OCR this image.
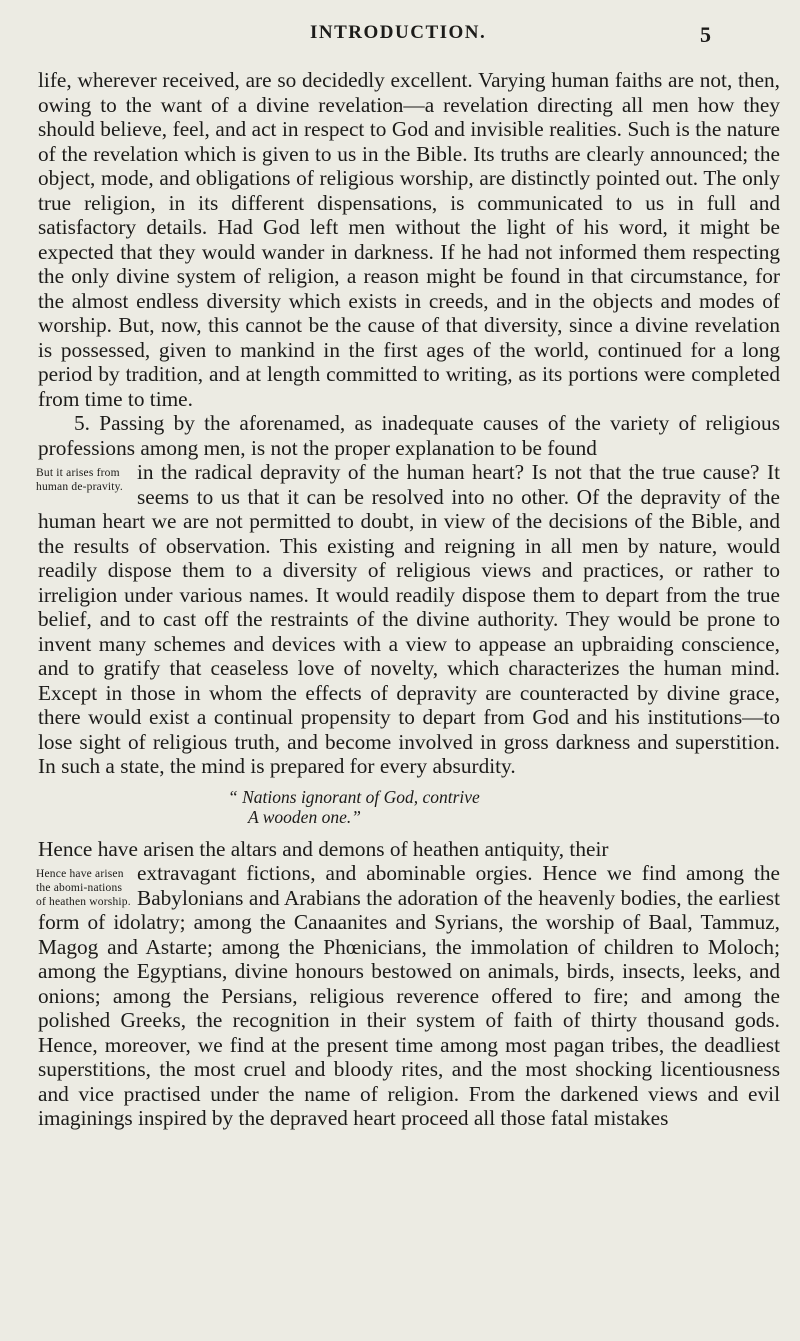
INTRODUCTION.	5

life, wherever received, are so decidedly excellent. Varying human faiths are not, then, owing to the want of a divine revelation—a revelation directing all men how they should believe, feel, and act in respect to God and invisible realities. Such is the nature of the revelation which is given to us in the Bible. Its truths are clearly announced; the object, mode, and obligations of religious worship, are distinctly pointed out. The only true religion, in its different dispensations, is communicated to us in full and satisfactory details. Had God left men without the light of his word, it might be expected that they would wander in darkness. If he had not informed them respecting the only divine system of religion, a reason might be found in that circumstance, for the almost endless diversity which exists in creeds, and in the objects and modes of worship. But, now, this cannot be the cause of that diversity, since a divine revelation is possessed, given to mankind in the first ages of the world, continued for a long period by tradition, and at length committed to writing, as its portions were completed from time to time.

5. Passing by the aforenamed, as inadequate causes of the variety of religious professions among men, is not the proper explanation to be found

But it arises from human de-pravity.

in the radical depravity of the human heart? Is not that the true cause? It seems to us that it can be resolved into no other. Of the depravity of the human heart we are not permitted to doubt, in view of the decisions of the Bible, and the results of observation. This existing and reigning in all men by nature, would readily dispose them to a diversity of religious views and practices, or rather to irreligion under various names. It would readily dispose them to depart from the true belief, and to cast off the restraints of the divine authority. They would be prone to invent many schemes and devices with a view to appease an upbraiding conscience, and to gratify that ceaseless love of novelty, which characterizes the human mind. Except in those in whom the effects of depravity are counteracted by divine grace, there would exist a continual propensity to depart from God and his institutions—to lose sight of religious truth, and become involved in gross darkness and superstition. In such a state, the mind is prepared for every absurdity.

“ Nations ignorant of God, contrive
A wooden one.”

Hence have arisen the altars and demons of heathen antiquity, their

Hence have arisen the abomi-nations of heathen worship.

extravagant fictions, and abominable orgies. Hence we find among the Babylonians and Arabians the adoration of the heavenly bodies, the earliest form of idolatry; among the Canaanites and Syrians, the worship of Baal, Tammuz, Magog and Astarte; among the Phœnicians, the immolation of children to Moloch; among the Egyptians, divine honours bestowed on animals, birds, insects, leeks, and onions; among the Persians, religious reverence offered to fire; and among the polished Greeks, the recognition in their system of faith of thirty thousand gods. Hence, moreover, we find at the present time among most pagan tribes, the deadliest superstitions, the most cruel and bloody rites, and the most shocking licentiousness and vice practised under the name of religion. From the darkened views and evil imaginings inspired by the depraved heart proceed all those fatal mistakes
